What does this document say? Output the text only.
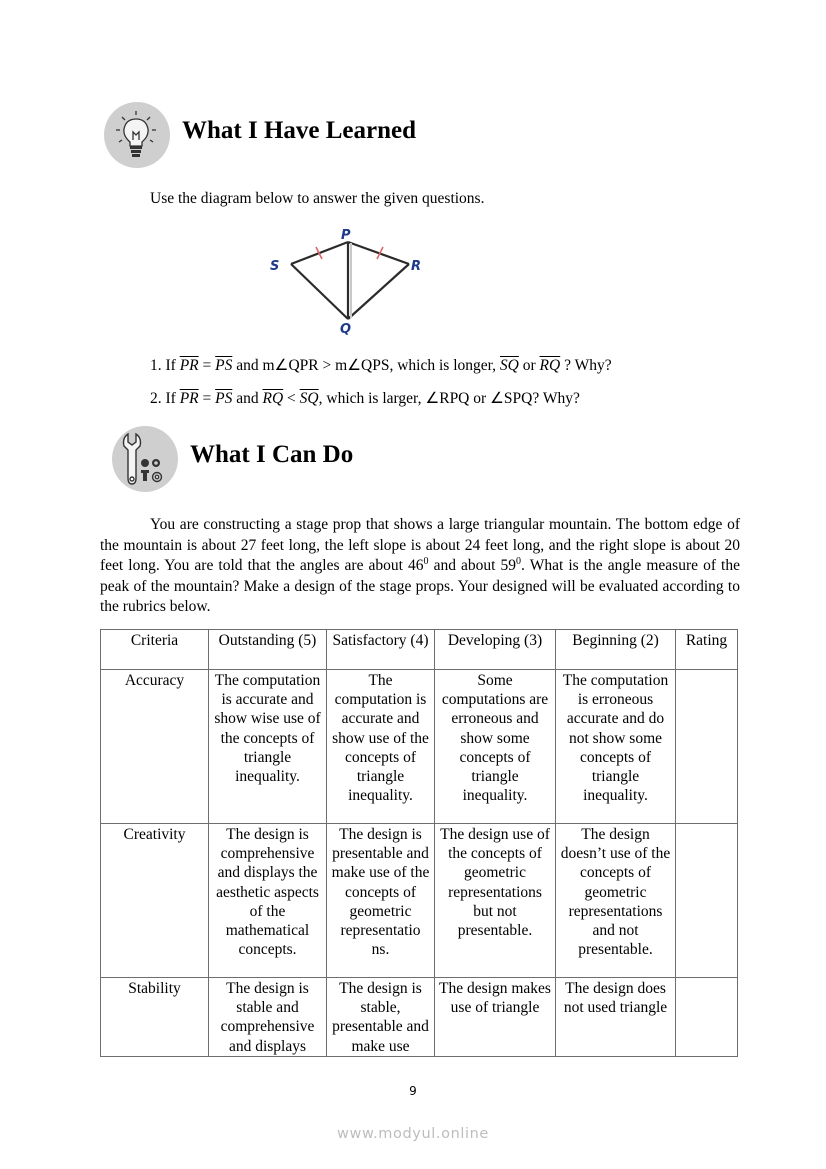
What I Have Learned
Use the diagram below to answer the given questions.
P
S	R
Q
1. If $\overline{PR} = \overline{PS}$ and m∠QPR > m∠QPS, which is longer, $\overline{SQ}$ or $\overline{RQ}$ ? Why?
2. If $\overline{PR} = \overline{PS}$ and $\overline{RQ} < \overline{SQ}$, which is larger, ∠RPQ or ∠SPQ? Why?
What I Can Do
You are constructing a stage prop that shows a large triangular mountain. The bottom edge of the mountain is about 27 feet long, the left slope is about 24 feet long, and the right slope is about 20 feet long. You are told that the angles are about $46^0$ and about $59^0$. What is the angle measure of the peak of the mountain? Make a design of the stage props. Your designed will be evaluated according to the rubrics below.
Criteria	Outstanding (5)	Satisfactory (4)	Developing (3)	Beginning (2)	Rating
Accuracy	The computation is accurate and show wise use of the concepts of triangle inequality.	The computation is accurate and show use of the concepts of triangle inequality.	Some computations are erroneous and show some concepts of triangle inequality.	The computation is erroneous accurate and do not show some concepts of triangle inequality.	
Creativity	The design is comprehensive and displays the aesthetic aspects of the mathematical concepts.	The design is presentable and make use of the concepts of geometric representatio ns.	The design use of the concepts of geometric representations but not presentable.	The design doesn’t use of the concepts of geometric representations and not presentable.	
Stability	The design is stable and comprehensive and displays	The design is stable, presentable and make use	The design makes use of triangle	The design does not used triangle	
9
www.modyul.online
